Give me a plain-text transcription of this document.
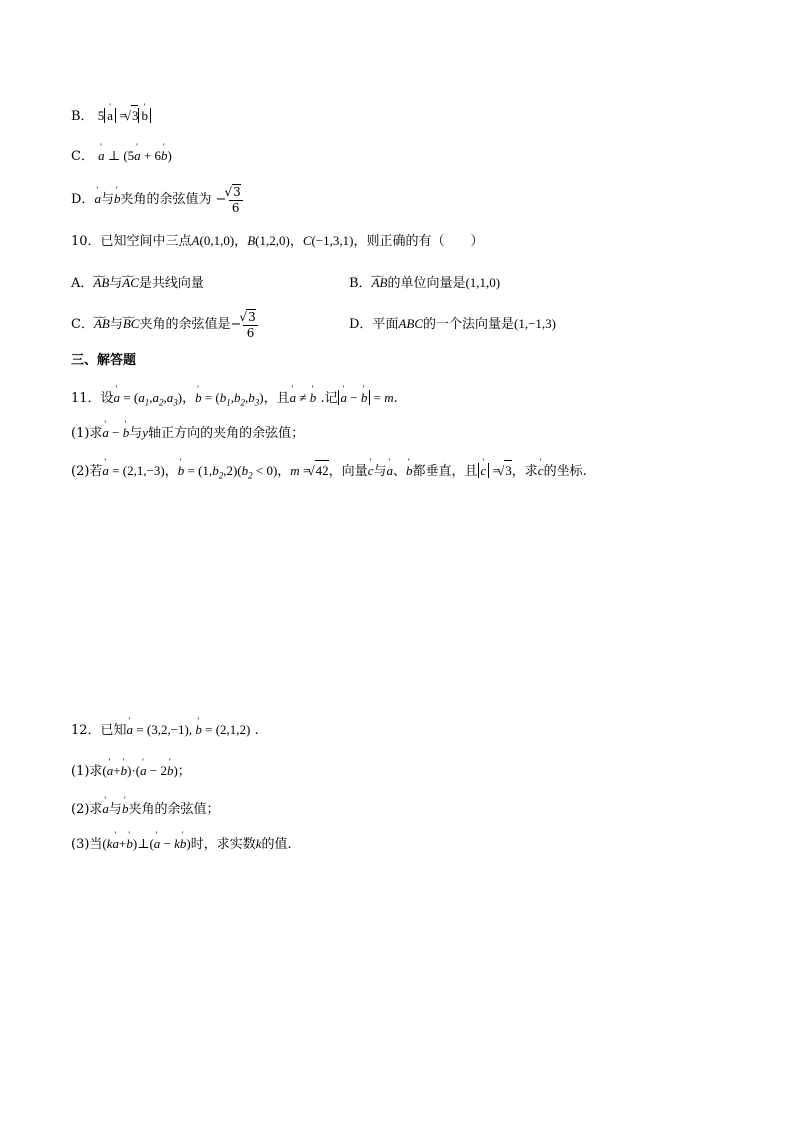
B． 5 ' a = √ 3 ' b
C． ' a ⊥ (5' a + 6' b)
D．' a与' b夹角的余弦值为 − √ $\frac{3}{6}$
10．已知空间中三点A(0,1,0)，B(1,2,0)，C(−1,3,1)，则正确的有（　　）
A．‿‿ AB与‿‿ AC是共线向量	B．‿‿ AB的单位向量是(1,1,0)
C．‿‿ AB与‿‿ BC夹角的余弦值是− √ $\frac{3}{6}$	D．平面ABC的一个法向量是(1,−1,3)
三、解答题
11．设' $a = (a_1,a_2,a_3)$，' $b = (b_1,b_2,b_3)$，且' a ≠ ' b .记 ' a − ' b = m.
(1)求' a − ' b与y轴正方向的夹角的余弦值；
(2)若' a = (2,1,−3)，' $b = (1,b_2,2)(b_2 < 0)$，m = √ 42，向量' c与' a、' b都垂直，且 ' c = √ 3，求' c的坐标.
12．已知' a = (3,2,−1), ' b = (2,1,2) .
(1)求(' a+' b)·(' a − 2' b)；
(2)求' a与' b夹角的余弦值；
(3)当(k' a+' b)⊥(' a − k' b)时，求实数k的值.
